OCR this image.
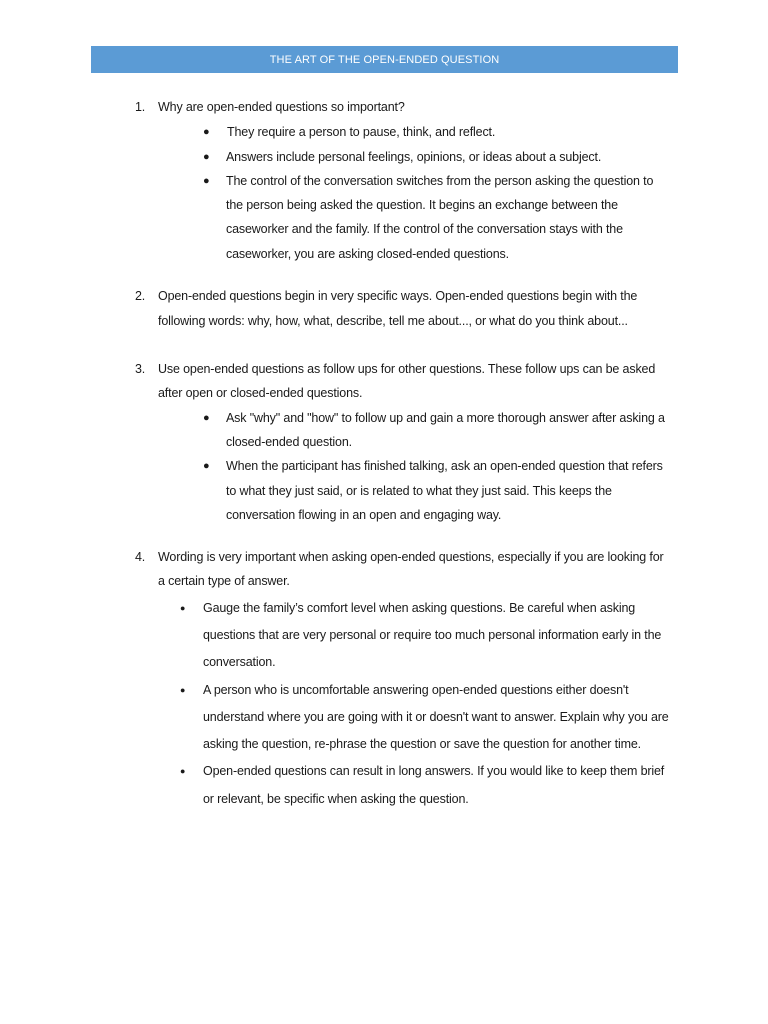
THE ART OF THE OPEN-ENDED QUESTION
1. Why are open-ended questions so important?
● They require a person to pause, think, and reflect.
● Answers include personal feelings, opinions, or ideas about a subject.
● The control of the conversation switches from the person asking the question to
the person being asked the question. It begins an exchange between the
caseworker and the family. If the control of the conversation stays with the
caseworker, you are asking closed-ended questions.
2. Open-ended questions begin in very specific ways. Open-ended questions begin with the
following words: why, how, what, describe, tell me about..., or what do you think about...
3. Use open-ended questions as follow ups for other questions. These follow ups can be asked
after open or closed-ended questions.
● Ask "why" and "how" to follow up and gain a more thorough answer after asking a
closed-ended question.
● When the participant has finished talking, ask an open-ended question that refers
to what they just said, or is related to what they just said. This keeps the
conversation flowing in an open and engaging way.
4. Wording is very important when asking open-ended questions, especially if you are looking for
a certain type of answer.
● Gauge the family’s comfort level when asking questions. Be careful when asking
questions that are very personal or require too much personal information early in the
conversation.
● A person who is uncomfortable answering open-ended questions either doesn't
understand where you are going with it or doesn't want to answer. Explain why you are
asking the question, re-phrase the question or save the question for another time.
● Open-ended questions can result in long answers. If you would like to keep them brief
or relevant, be specific when asking the question.
